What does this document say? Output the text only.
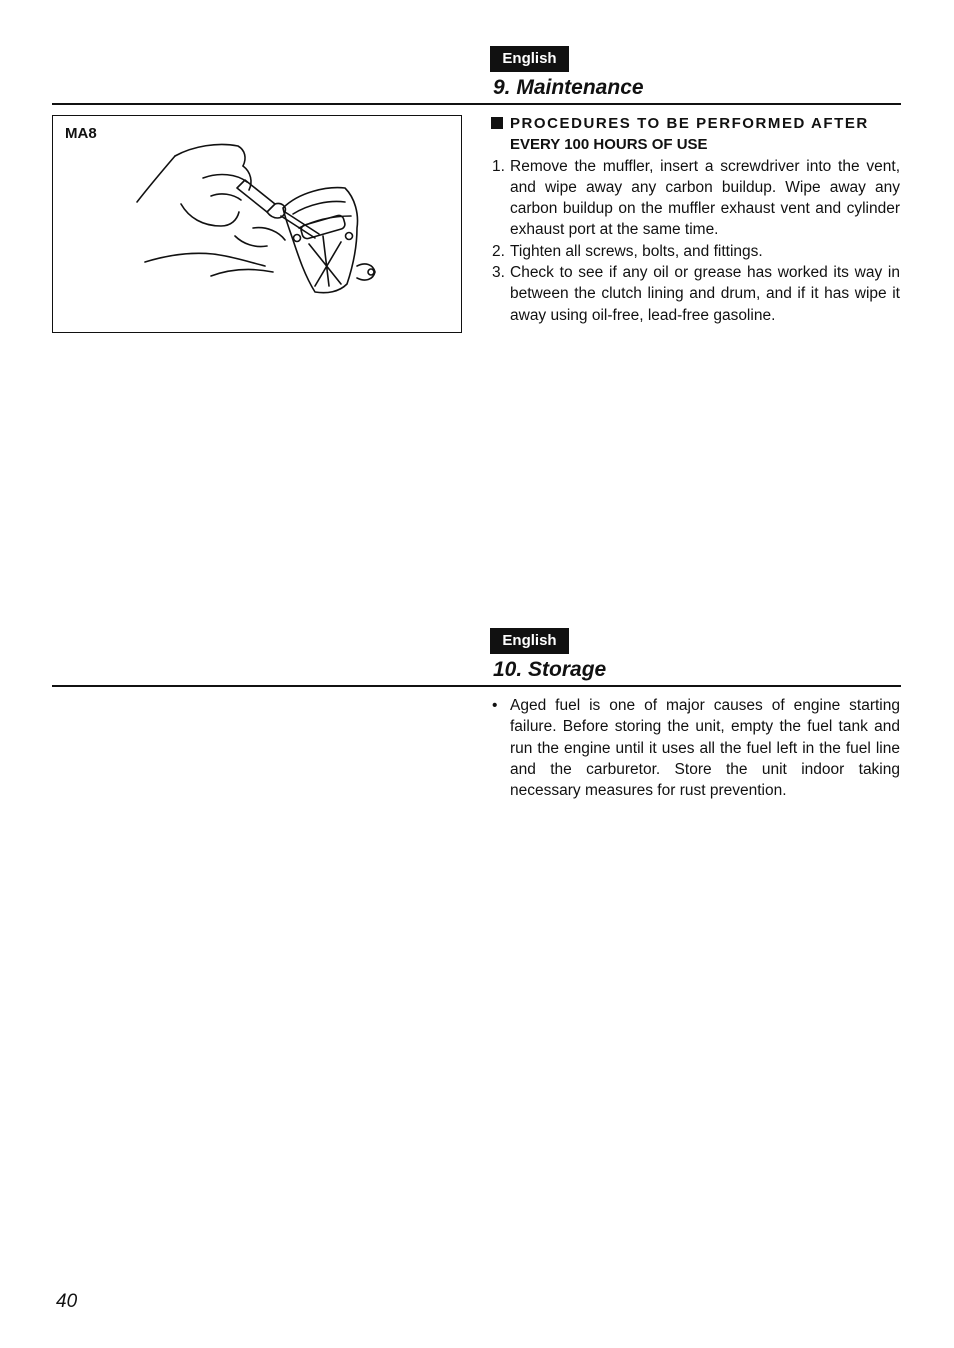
English
9. Maintenance
MA8
PROCEDURES TO BE PERFORMED AFTER
EVERY 100 HOURS OF USE
1. Remove the muffler, insert a screwdriver into the vent, and wipe away any carbon buildup. Wipe away any carbon buildup on the muffler exhaust vent and cylinder exhaust port at the same time.
2. Tighten all screws, bolts, and fittings.
3. Check to see if any oil or grease has worked its way in between the clutch lining and drum, and if it has wipe it away using oil-free, lead-free gasoline.
English
10. Storage
• Aged fuel is one of major causes of engine starting failure. Before storing the unit, empty the fuel tank and run the engine until it uses all the fuel left in the fuel line and the carburetor. Store the unit indoor taking necessary measures for rust prevention.
40
